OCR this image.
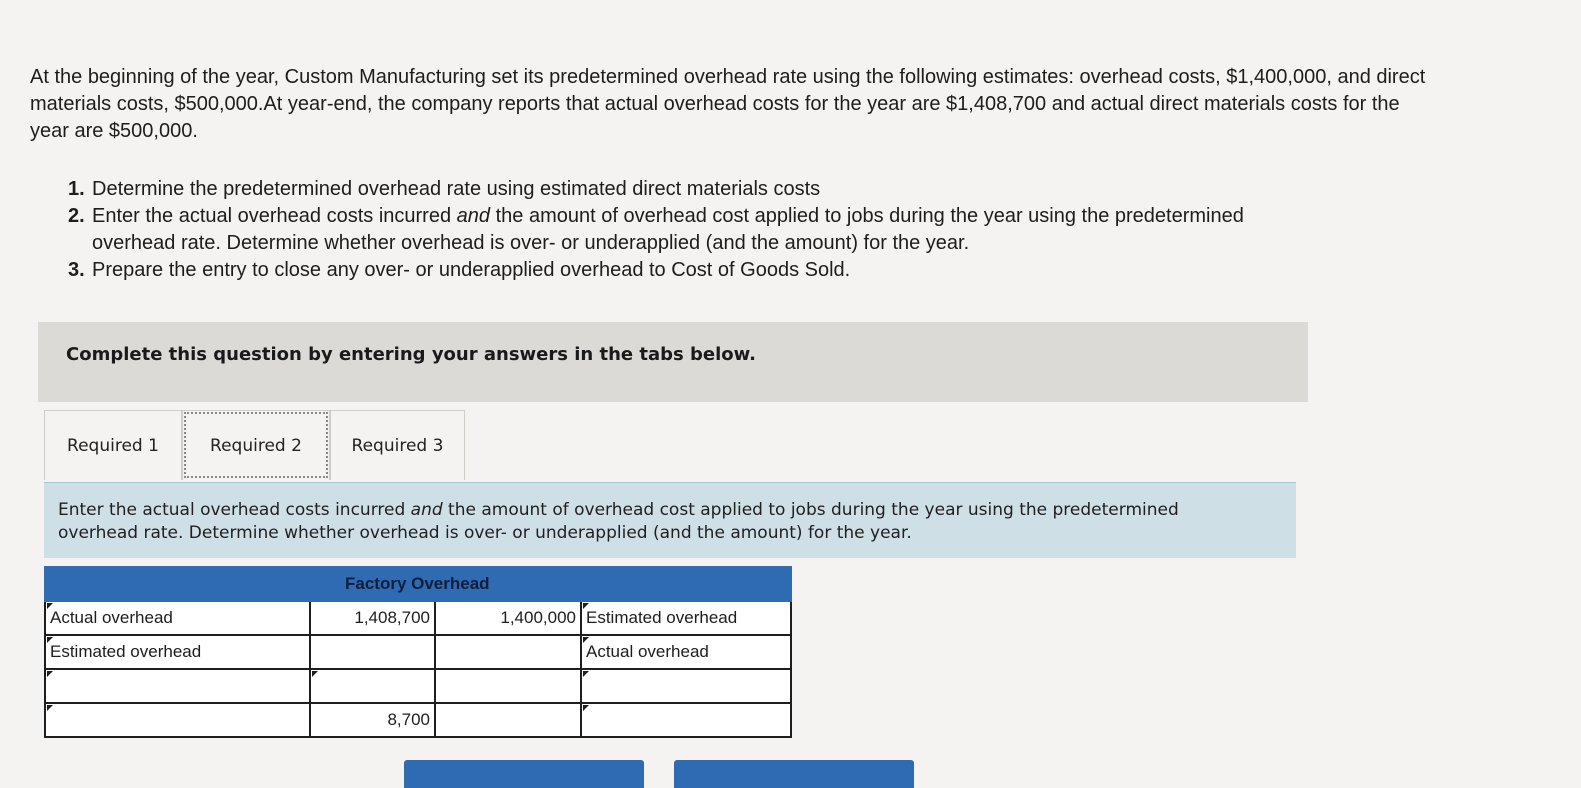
At the beginning of the year, Custom Manufacturing set its predetermined overhead rate using the following estimates: overhead costs, $1,400,000, and direct materials costs, $500,000.At year-end, the company reports that actual overhead costs for the year are $1,408,700 and actual direct materials costs for the year are $500,000.

1. Determine the predetermined overhead rate using estimated direct materials costs
2. Enter the actual overhead costs incurred and the amount of overhead cost applied to jobs during the year using the predetermined overhead rate. Determine whether overhead is over- or underapplied (and the amount) for the year.
3. Prepare the entry to close any over- or underapplied overhead to Cost of Goods Sold.
Complete this question by entering your answers in the tabs below.
Required 1	Required 2	Required 3

Enter the actual overhead costs incurred and the amount of overhead cost applied to jobs during the year using the predetermined overhead rate. Determine whether overhead is over- or underapplied (and the amount) for the year.

	Factory Overhead		

Actual overhead	1,408,700	1,400,000	Estimated overhead

Estimated overhead			Actual overhead

	8,700		
